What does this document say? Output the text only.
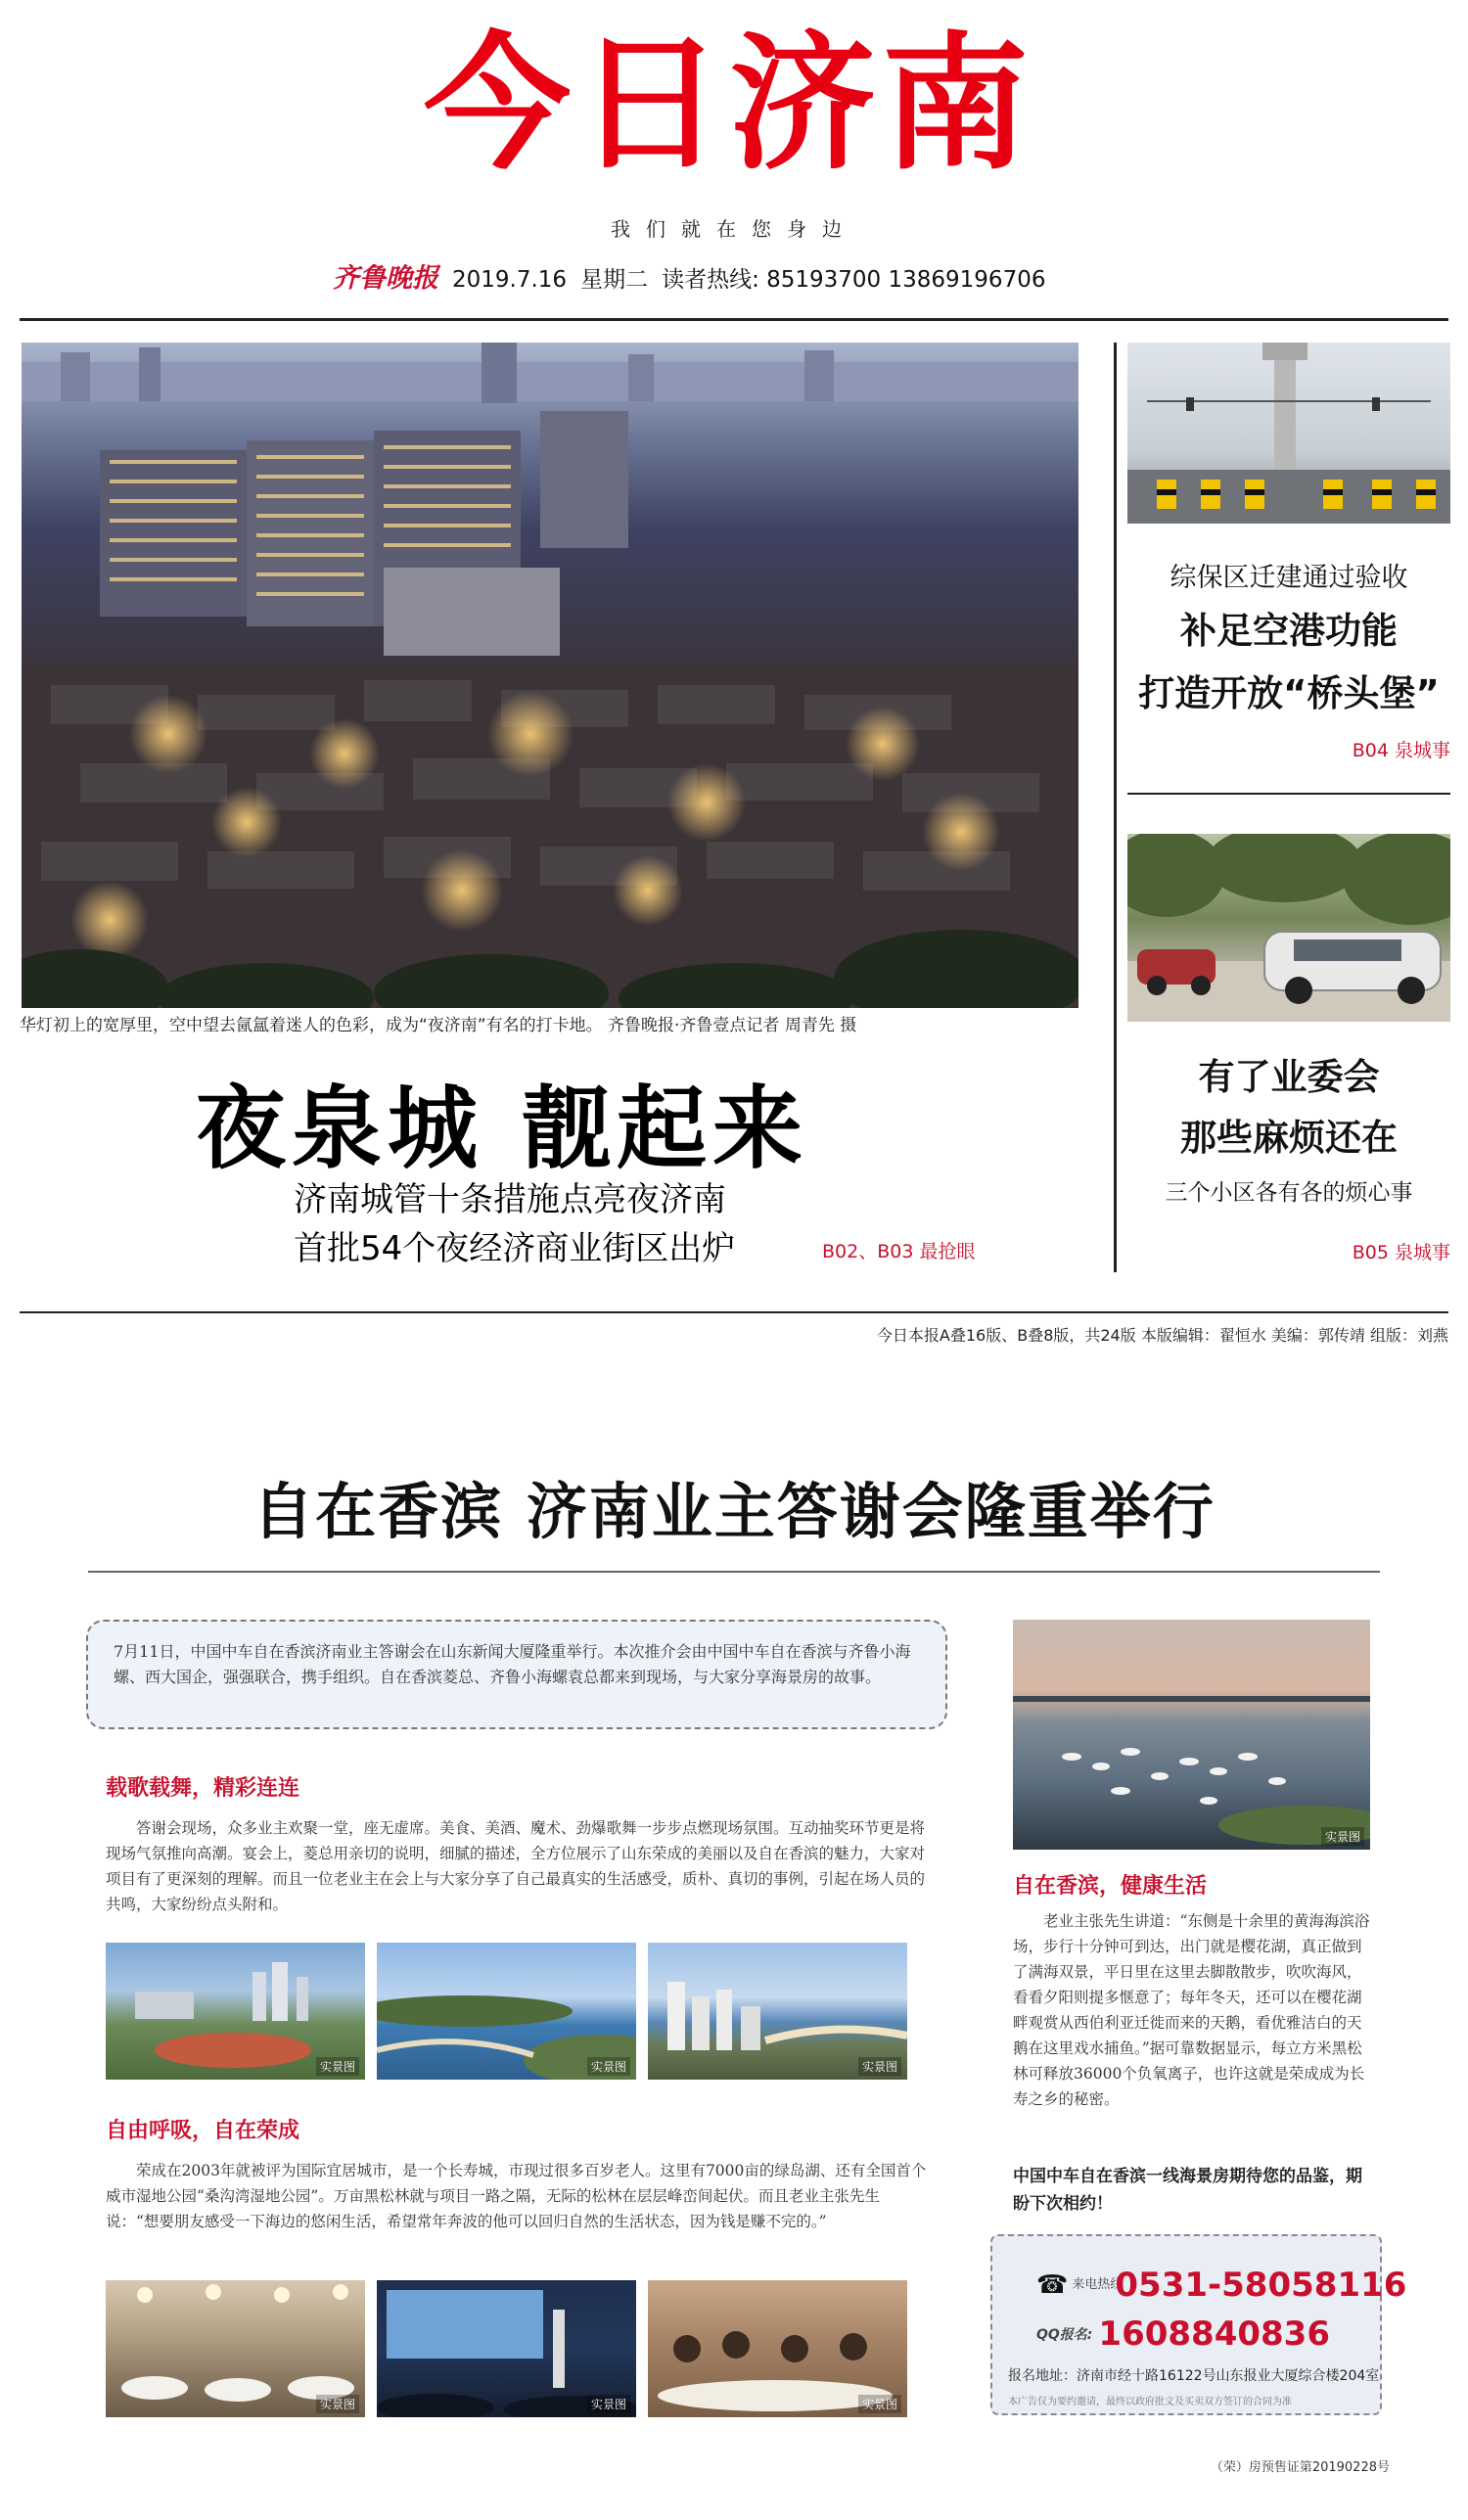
今日济南
我们就在您身边
齐鲁晚报 2019.7.16 星期二 读者热线: 85193700 13869196706
华灯初上的宽厚里，空中望去氤氲着迷人的色彩，成为“夜济南”有名的打卡地。 齐鲁晚报·齐鲁壹点记者 周青先 摄
夜泉城 靓起来
济南城管十条措施点亮夜济南
首批54个夜经济商业街区出炉	B02、B03 最抢眼
综保区迁建通过验收
补足空港功能
打造开放“桥头堡”
B04 泉城事
有了业委会
那些麻烦还在
三个小区各有各的烦心事
B05 泉城事
今日本报A叠16版、B叠8版，共24版 本版编辑：翟恒水 美编：郭传靖 组版：刘燕
自在香滨 济南业主答谢会隆重举行
7月11日，中国中车自在香滨济南业主答谢会在山东新闻大厦隆重举行。本次推介会由中国中车自在香滨与齐鲁小海螺、西大国企，强强联合，携手组织。自在香滨菱总、齐鲁小海螺袁总都来到现场，与大家分享海景房的故事。
载歌载舞，精彩连连
答谢会现场，众多业主欢聚一堂，座无虚席。美食、美酒、魔术、劲爆歌舞一步步点燃现场氛围。互动抽奖环节更是将现场气氛推向高潮。宴会上，菱总用亲切的说明，细腻的描述，全方位展示了山东荣成的美丽以及自在香滨的魅力，大家对项目有了更深刻的理解。而且一位老业主在会上与大家分享了自己最真实的生活感受，质朴、真切的事例，引起在场人员的共鸣，大家纷纷点头附和。
实景图	实景图	实景图
自由呼吸，自在荣成
荣成在2003年就被评为国际宜居城市，是一个长寿城，市现过很多百岁老人。这里有7000亩的绿岛湖、还有全国首个威市湿地公园“桑沟湾湿地公园”。万亩黑松林就与项目一路之隔，无际的松林在层层峰峦间起伏。而且老业主张先生说：“想要朋友感受一下海边的悠闲生活，希望常年奔波的他可以回归自然的生活状态，因为钱是赚不完的。”
实景图	实景图	实景图
实景图
自在香滨，健康生活
老业主张先生讲道：“东侧是十余里的黄海海滨浴场，步行十分钟可到达，出门就是樱花湖，真正做到了满海双景，平日里在这里去脚散散步，吹吹海风，看看夕阳则提多惬意了；每年冬天，还可以在樱花湖畔观赏从西伯利亚迁徙而来的天鹅，看优雅洁白的天鹅在这里戏水捕鱼。”据可靠数据显示，每立方米黑松林可释放36000个负氧离子，也许这就是荣成成为长寿之乡的秘密。
中国中车自在香滨一线海景房期待您的品鉴，期盼下次相约！
☎ 来电热线0531-58058116
QQ报名: 1608840836
报名地址：济南市经十路16122号山东报业大厦综合楼204室
本广告仅为要约邀请，最终以政府批文及买卖双方签订的合同为准
（荣）房预售证第20190228号
